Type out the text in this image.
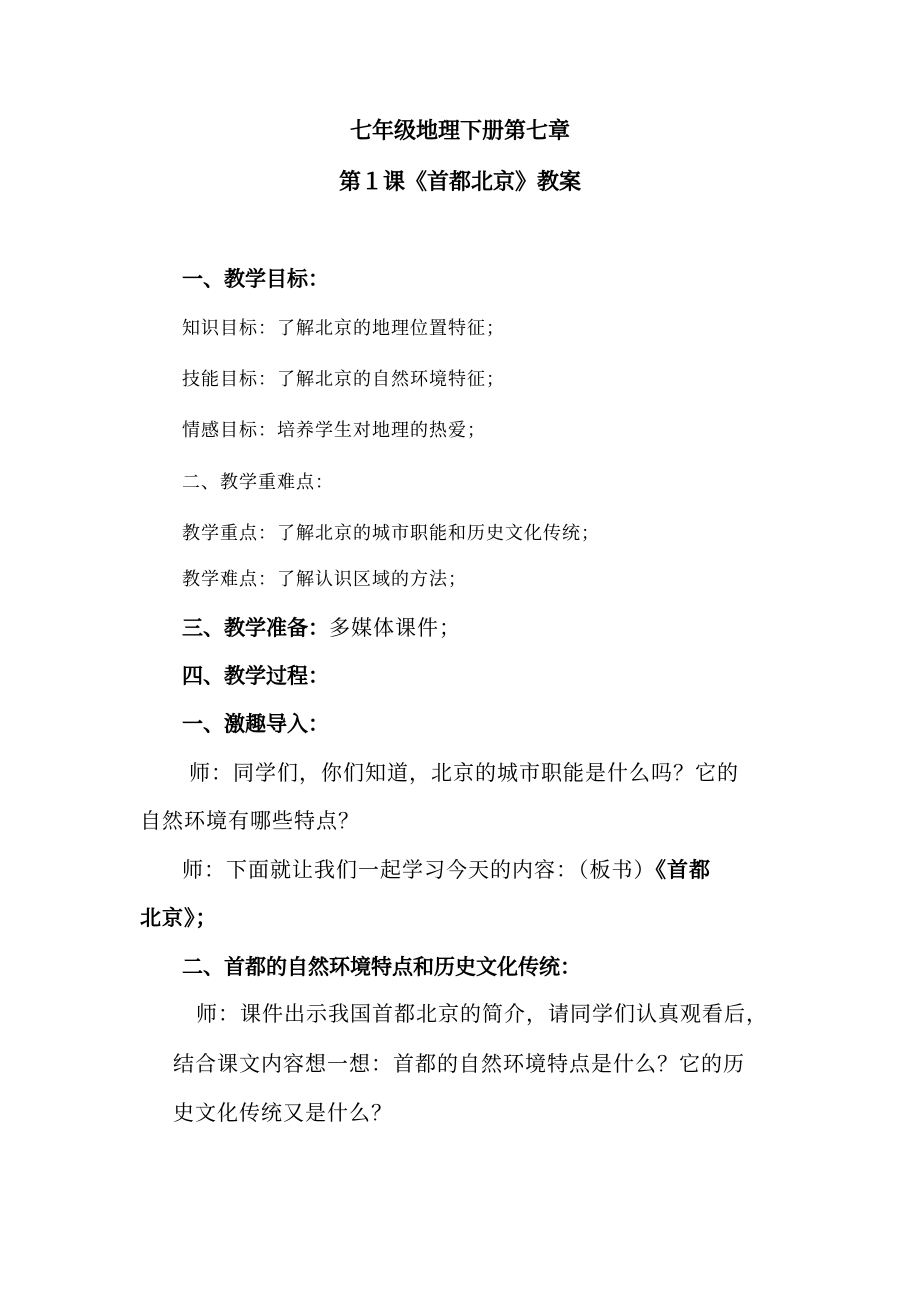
七年级地理下册第七章
第１课《首都北京》教案
一、教学目标：
知识目标：了解北京的地理位置特征；
技能目标：了解北京的自然环境特征；
情感目标：培养学生对地理的热爱；
二、教学重难点：
教学重点：了解北京的城市职能和历史文化传统；
教学难点：了解认识区域的方法；
三、教学准备：多媒体课件；
四、教学过程：
一、激趣导入：
师：同学们，你们知道，北京的城市职能是什么吗？它的
自然环境有哪些特点？
师：下面就让我们一起学习今天的内容：（板书）《首都
北京》；
二、首都的自然环境特点和历史文化传统：
师：课件出示我国首都北京的简介，请同学们认真观看后，
结合课文内容想一想：首都的自然环境特点是什么？它的历
史文化传统又是什么？
